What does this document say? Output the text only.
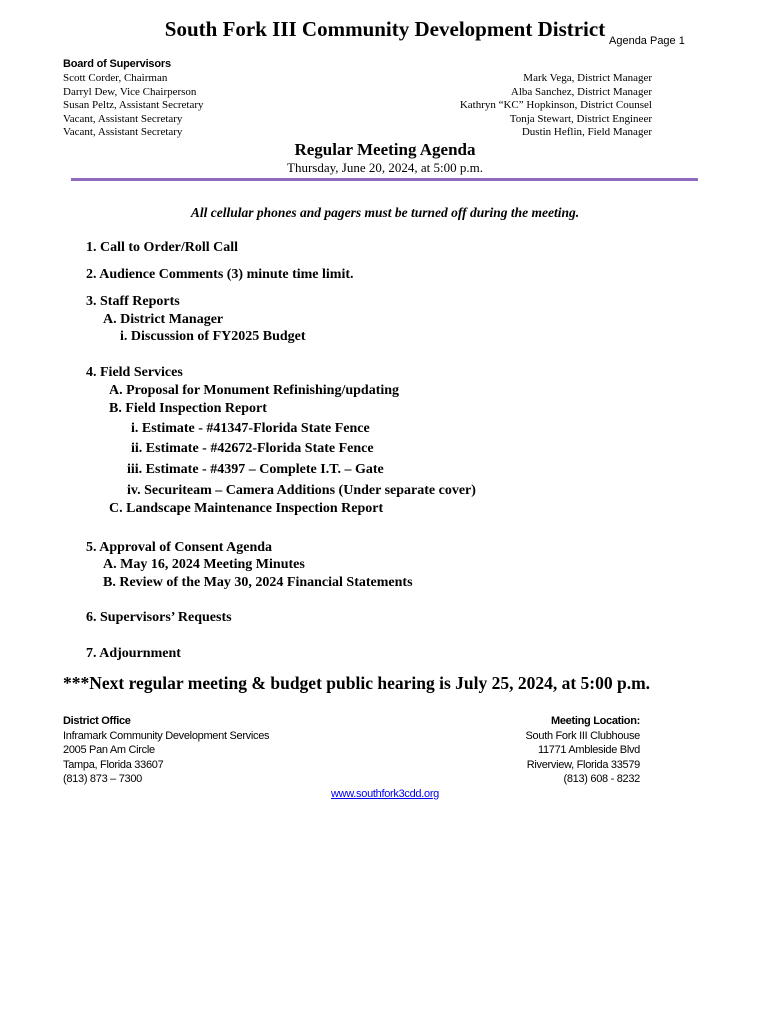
South Fork III Community Development District Agenda Page 1
Board of Supervisors
Scott Corder, Chairman
Darryl Dew, Vice Chairperson
Susan Peltz, Assistant Secretary
Vacant, Assistant Secretary
Vacant, Assistant Secretary
Mark Vega, District Manager
Alba Sanchez, District Manager
Kathryn “KC” Hopkinson, District Counsel
Tonja Stewart, District Engineer
Dustin Heflin, Field Manager
Regular Meeting Agenda
Thursday, June 20, 2024, at 5:00 p.m.
All cellular phones and pagers must be turned off during the meeting.
1. Call to Order/Roll Call
2. Audience Comments (3) minute time limit.
3. Staff Reports
A. District Manager
i. Discussion of FY2025 Budget
4. Field Services
A. Proposal for Monument Refinishing/updating
B. Field Inspection Report
i. Estimate - #41347-Florida State Fence
ii. Estimate - #42672-Florida State Fence
iii. Estimate - #4397 – Complete I.T. – Gate
iv. Securiteam – Camera Additions (Under separate cover)
C. Landscape Maintenance Inspection Report
5. Approval of Consent Agenda
A. May 16, 2024 Meeting Minutes
B. Review of the May 30, 2024 Financial Statements
6. Supervisors’ Requests
7. Adjournment
***Next regular meeting & budget public hearing is July 25, 2024, at 5:00 p.m.
District Office
Inframark Community Development Services
2005 Pan Am Circle
Tampa, Florida 33607
(813) 873 – 7300
Meeting Location:
South Fork III Clubhouse
11771 Ambleside Blvd
Riverview, Florida 33579
(813) 608 - 8232
www.southfork3cdd.org
